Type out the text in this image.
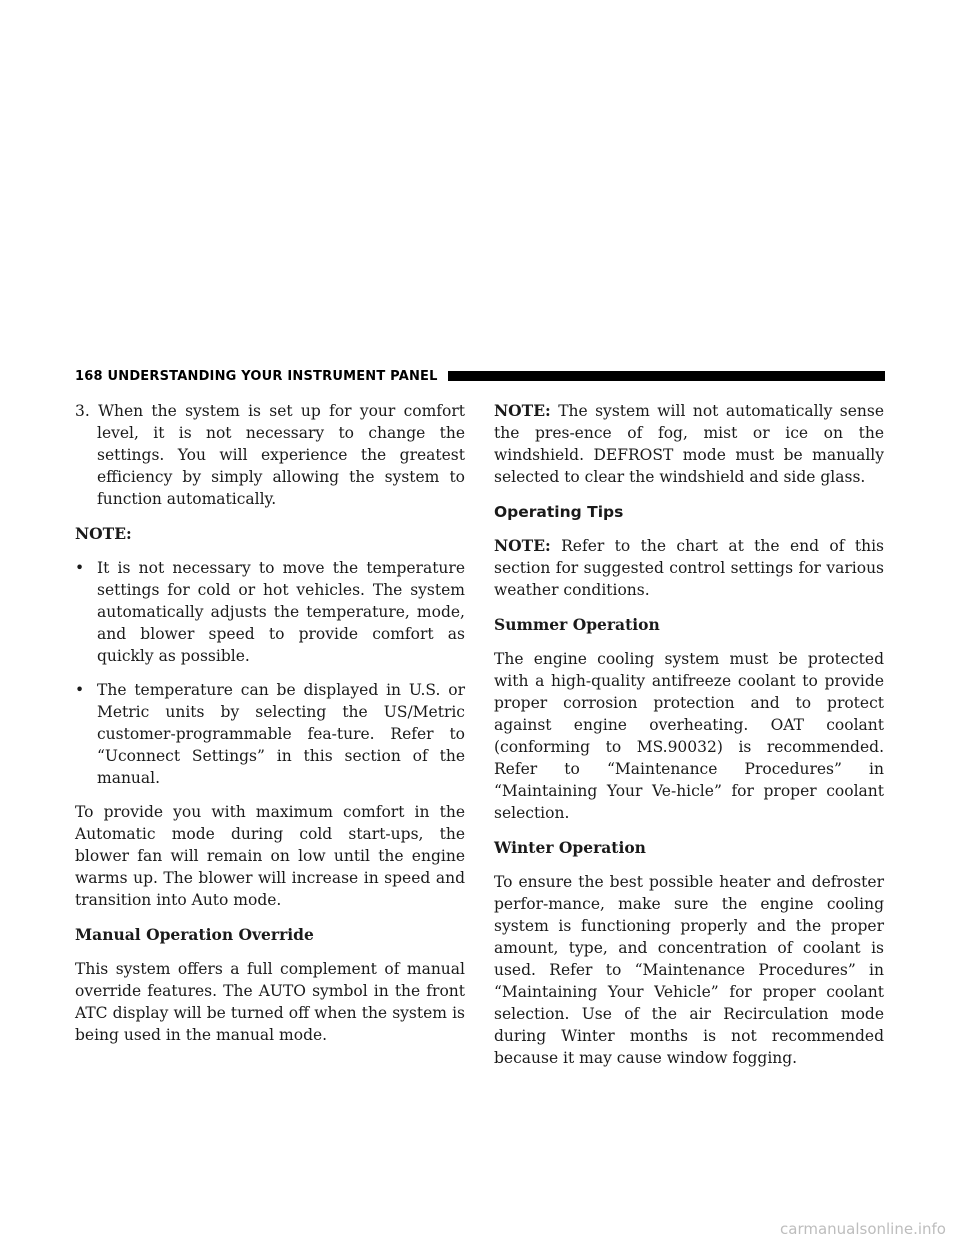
168 UNDERSTANDING YOUR INSTRUMENT PANEL

3. When the system is set up for your comfort level, it is not necessary to change the settings. You will experience the greatest efficiency by simply allowing the system to function automatically.

NOTE:

• It is not necessary to move the temperature settings for cold or hot vehicles. The system automatically adjusts the temperature, mode, and blower speed to provide comfort as quickly as possible.
• The temperature can be displayed in U.S. or Metric units by selecting the US/Metric customer-programmable fea-ture. Refer to “Uconnect Settings” in this section of the manual.

To provide you with maximum comfort in the Automatic mode during cold start-ups, the blower fan will remain on low until the engine warms up. The blower will increase in speed and transition into Auto mode.

Manual Operation Override

This system offers a full complement of manual override features. The AUTO symbol in the front ATC display will be turned off when the system is being used in the manual mode.

NOTE: The system will not automatically sense the pres-ence of fog, mist or ice on the windshield. DEFROST mode must be manually selected to clear the windshield and side glass.

Operating Tips

NOTE: Refer to the chart at the end of this section for suggested control settings for various weather conditions.

Summer Operation

The engine cooling system must be protected with a high-quality antifreeze coolant to provide proper corrosion protection and to protect against engine overheating. OAT coolant (conforming to MS.90032) is recommended. Refer to “Maintenance Procedures” in “Maintaining Your Ve-hicle” for proper coolant selection.

Winter Operation

To ensure the best possible heater and defroster perfor-mance, make sure the engine cooling system is functioning properly and the proper amount, type, and concentration of coolant is used. Refer to “Maintenance Procedures” in “Maintaining Your Vehicle” for proper coolant selection. Use of the air Recirculation mode during Winter months is not recommended because it may cause window fogging.

carmanualsonline.info
